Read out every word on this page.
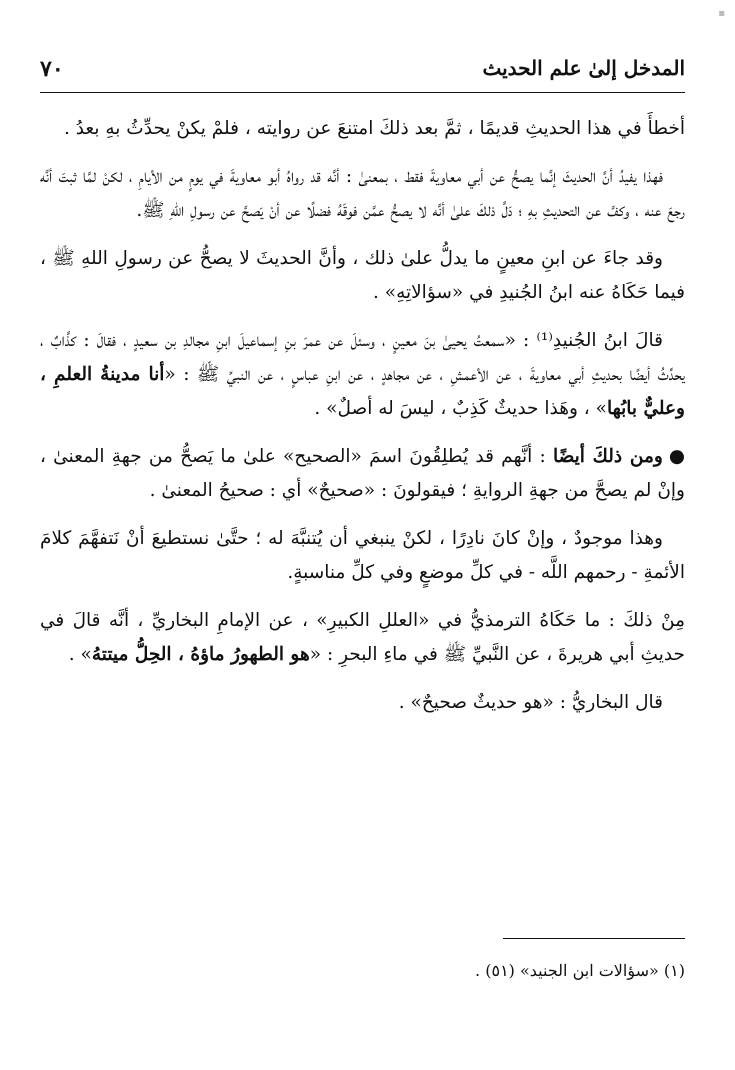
المدخل إلىٰ علم الحديث
٧٠

أخطأَ في هذا الحديثِ قديمًا ، ثمَّ بعد ذلكَ امتنعَ عن روايته ، فلمْ يكنْ يحدِّثُ بهِ بعدُ .

فهذا يفيدُ أنَّ الحديثَ إنَّما يصحُّ عن أبي معاويةَ فقط ، بمعنىٰ : أنَّه قد رواهُ أبو معاويةَ في يومٍ من الأيامِ ، لكنْ لمَّا ثبتَ أنَّه رجعَ عنه ، وكفَّ عن التحديثِ بهِ ؛ دَلَّ ذلكَ علىٰ أنَّه لا يصحُّ عمَّن فوقَهُ فضلًا عن أنْ يَصحَّ عن رسولِ اللهِ ﷺ.

وقد جاءَ عن ابنِ معينٍ ما يدلُّ علىٰ ذلك ، وأنَّ الحديثَ لا يصحُّ عن رسولِ اللهِ ﷺ ، فيما حَكَاهُ عنه ابنُ الجُنيدِ في «سؤالاتِهِ» .

قالَ ابنُ الجُنيدِ⁽¹⁾ : «سمعتُ يحيىٰ بنَ معينٍ ، وسئلَ عن عمرَ بنِ إسماعيلَ ابنِ مجالدِ بن سعيدٍ ، فقالَ : كذَّابٌ ، يحدِّثُ أيضًا بحديثِ أبي معاويةَ ، عن الأعمشِ ، عن مجاهدٍ ، عن ابنِ عباسٍ ، عن النبيِّ ﷺ : «أنا مدينةُ العلمِ ، وعليٌّ بابُها» ، وهَذا حديثٌ كَذِبٌ ، ليسَ له أصلٌ» .

●ومن ذلكَ أيضًا : أنَّهم قد يُطلِقُونَ اسمَ «الصحيح» علىٰ ما يَصحُّ من جهةِ المعنىٰ ، وإنْ لم يصحَّ من جهةِ الروايةِ ؛ فيقولونَ : «صحيحٌ» أي : صحيحُ المعنىٰ .

وهذا موجودٌ ، وإنْ كانَ نادِرًا ، لكنْ ينبغي أن يُتنبَّهَ له ؛ حتَّىٰ نستطيعَ أنْ نَتفهَّمَ كلامَ الأئمةِ - رحمهم اللَّه - في كلِّ موضعٍ وفي كلِّ مناسبةٍ.

مِنْ ذلكَ : ما حَكَاهُ الترمذيُّ في «العللِ الكبيرِ» ، عن الإمامِ البخاريِّ ، أنَّه قالَ في حديثِ أبي هريرةَ ، عن النَّبيِّ ﷺ في ماءِ البحرِ : «هو الطهورُ ماؤهُ ، الحِلُّ ميتتهُ» .

قال البخاريُّ : «هو حديثٌ صحيحٌ» .

(١) «سؤالات ابن الجنيد» (٥١) .
▪
